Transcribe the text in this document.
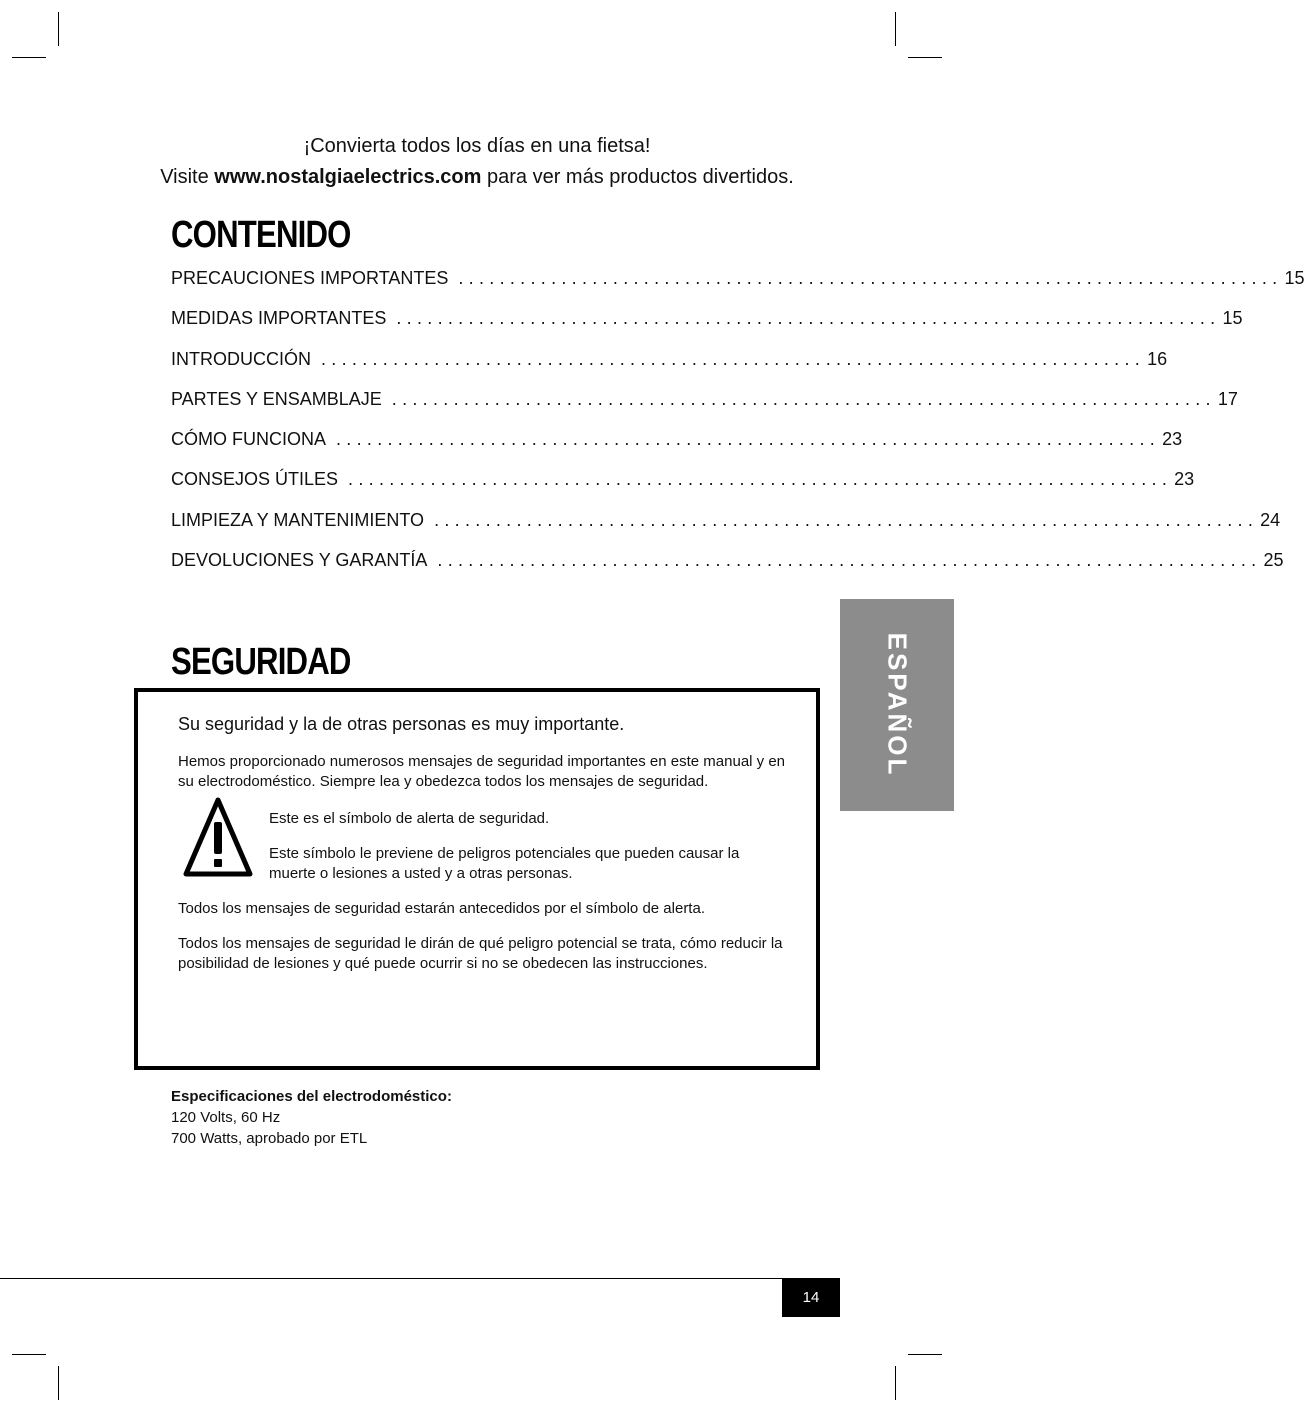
¡Convierta todos los días en una fietsa!
Visite www.nostalgiaelectrics.com para ver más productos divertidos.
CONTENIDO
PRECAUCIONES IMPORTANTES ................................................................................ 15
MEDIDAS IMPORTANTES ................................................................................ 15
INTRODUCCIÓN ................................................................................ 16
PARTES Y ENSAMBLAJE ................................................................................ 17
CÓMO FUNCIONA ................................................................................ 23
CONSEJOS ÚTILES ................................................................................ 23
LIMPIEZA Y MANTENIMIENTO ................................................................................ 24
DEVOLUCIONES Y GARANTÍA ................................................................................ 25
ESPAÑOL
SEGURIDAD
Su seguridad y la de otras personas es muy importante.
Hemos proporcionado numerosos mensajes de seguridad importantes en este manual y en su electrodoméstico. Siempre lea y obedezca todos los mensajes de seguridad.
Este es el símbolo de alerta de seguridad.
Este símbolo le previene de peligros potenciales que pueden causar la muerte o lesiones a usted y a otras personas.
Todos los mensajes de seguridad estarán antecedidos por el símbolo de alerta.
Todos los mensajes de seguridad le dirán de qué peligro potencial se trata, cómo reducir la posibilidad de lesiones y qué puede ocurrir si no se obedecen las instrucciones.
Especificaciones del electrodoméstico:
120 Volts, 60 Hz
700 Watts, aprobado por ETL
14
